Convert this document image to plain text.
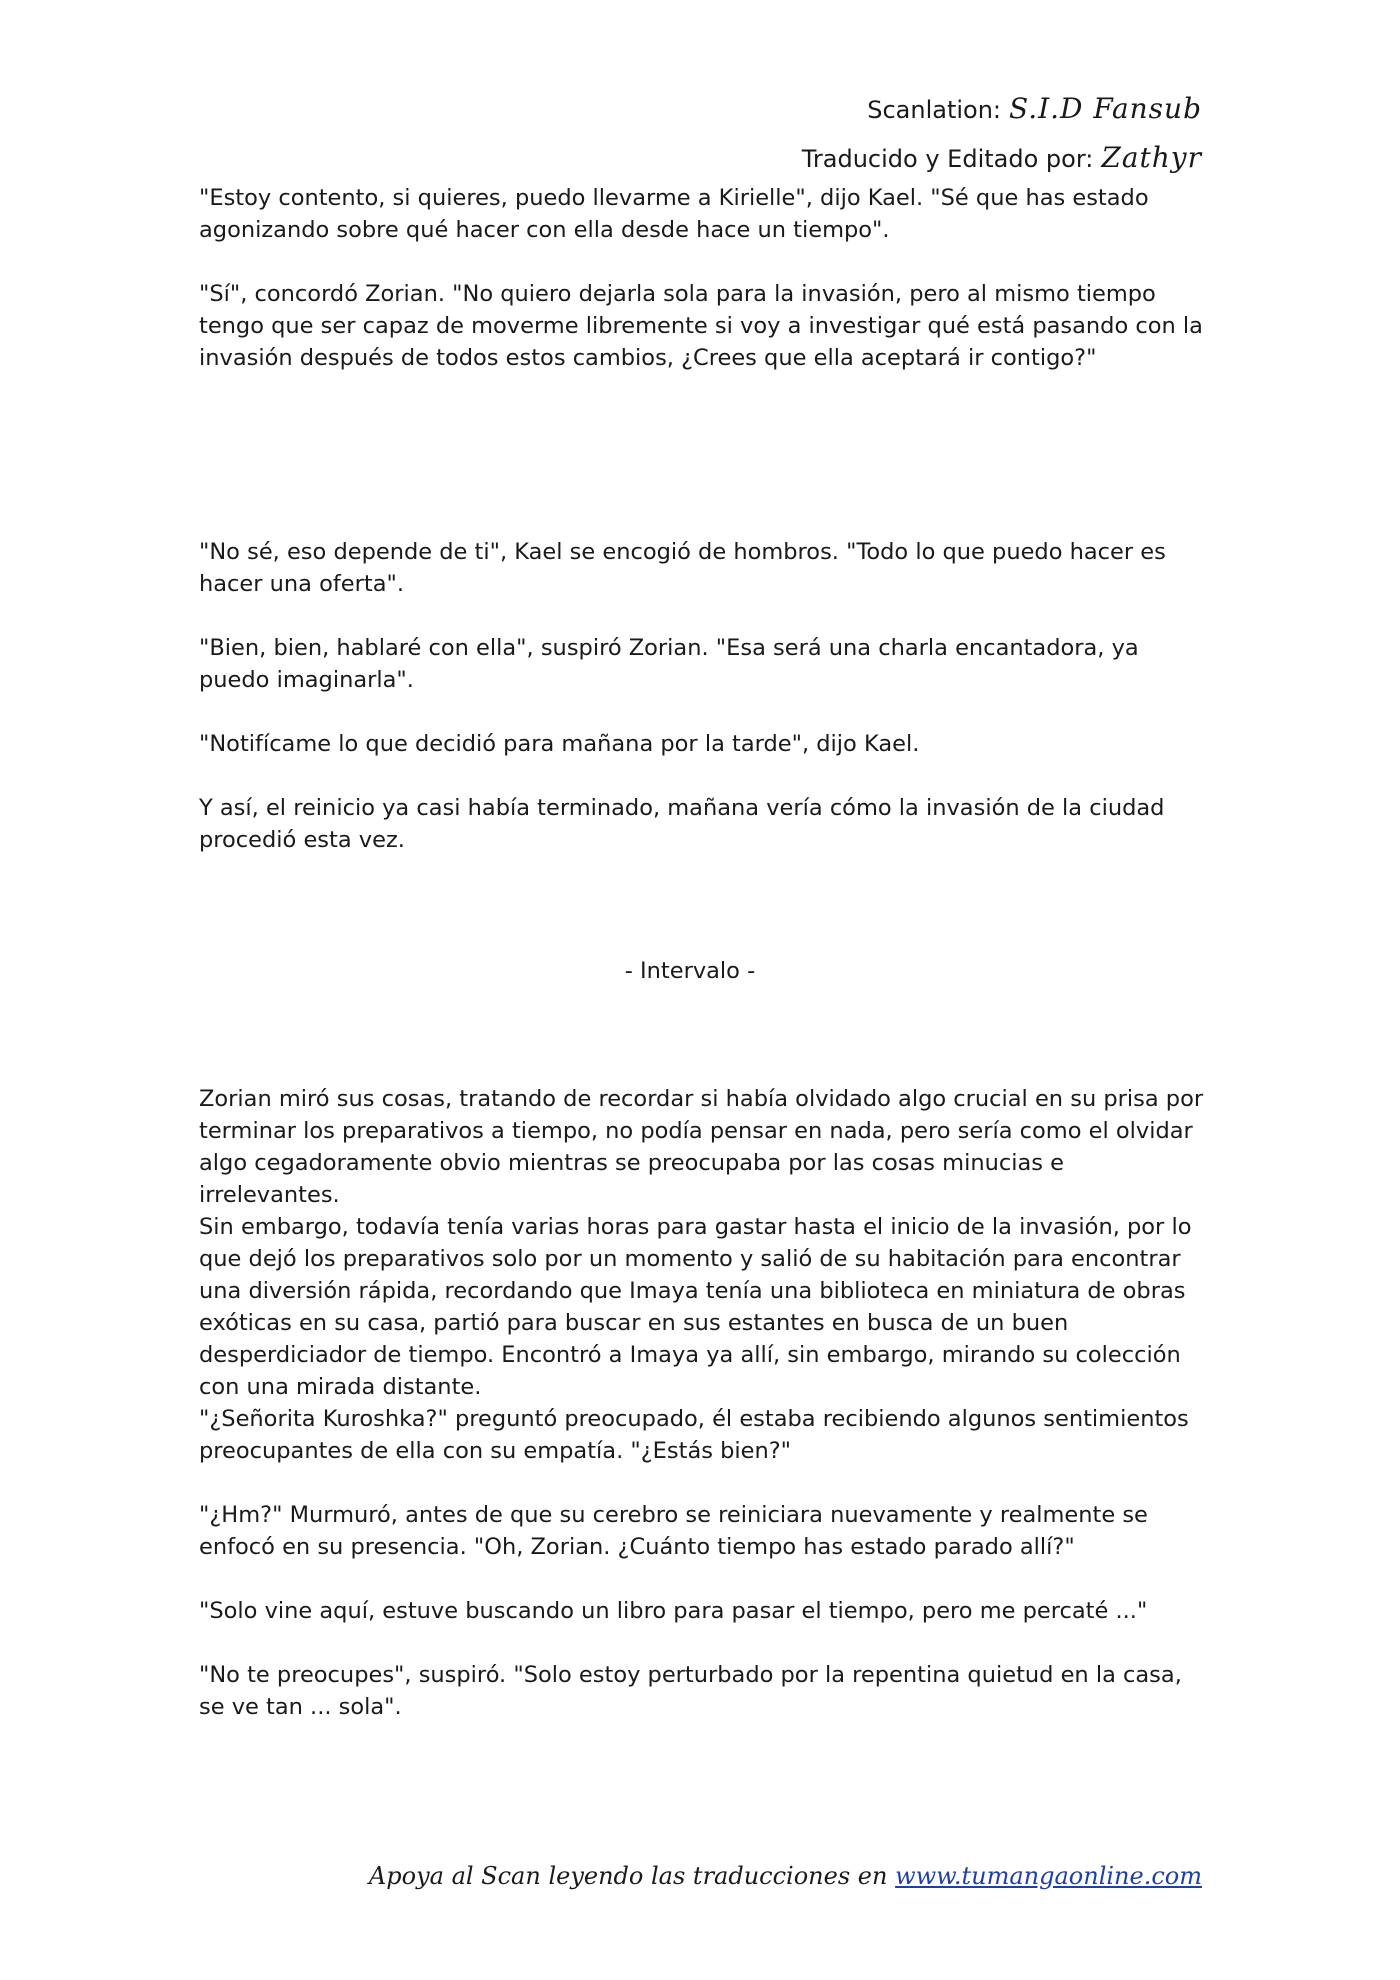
Scanlation: S.I.D Fansub
Traducido y Editado por: Zathyr

"Estoy contento, si quieres, puedo llevarme a Kirielle", dijo Kael. "Sé que has estado agonizando sobre qué hacer con ella desde hace un tiempo".

"Sí", concordó Zorian. "No quiero dejarla sola para la invasión, pero al mismo tiempo tengo que ser capaz de moverme libremente si voy a investigar qué está pasando con la invasión después de todos estos cambios, ¿Crees que ella aceptará ir contigo?"

"No sé, eso depende de ti", Kael se encogió de hombros. "Todo lo que puedo hacer es hacer una oferta".

"Bien, bien, hablaré con ella", suspiró Zorian. "Esa será una charla encantadora, ya puedo imaginarla".

"Notifícame lo que decidió para mañana por la tarde", dijo Kael.

Y así, el reinicio ya casi había terminado, mañana vería cómo la invasión de la ciudad procedió esta vez.

- Intervalo -

Zorian miró sus cosas, tratando de recordar si había olvidado algo crucial en su prisa por terminar los preparativos a tiempo, no podía pensar en nada, pero sería como el olvidar algo cegadoramente obvio mientras se preocupaba por las cosas minucias e irrelevantes.

Sin embargo, todavía tenía varias horas para gastar hasta el inicio de la invasión, por lo que dejó los preparativos solo por un momento y salió de su habitación para encontrar una diversión rápida, recordando que Imaya tenía una biblioteca en miniatura de obras exóticas en su casa, partió para buscar en sus estantes en busca de un buen desperdiciador de tiempo. Encontró a Imaya ya allí, sin embargo, mirando su colección con una mirada distante.

"¿Señorita Kuroshka?" preguntó preocupado, él estaba recibiendo algunos sentimientos preocupantes de ella con su empatía. "¿Estás bien?"

"¿Hm?" Murmuró, antes de que su cerebro se reiniciara nuevamente y realmente se enfocó en su presencia. "Oh, Zorian. ¿Cuánto tiempo has estado parado allí?"

"Solo vine aquí, estuve buscando un libro para pasar el tiempo, pero me percaté ..."

"No te preocupes", suspiró. "Solo estoy perturbado por la repentina quietud en la casa, se ve tan ... sola".

Apoya al Scan leyendo las traducciones en www.tumangaonline.com
